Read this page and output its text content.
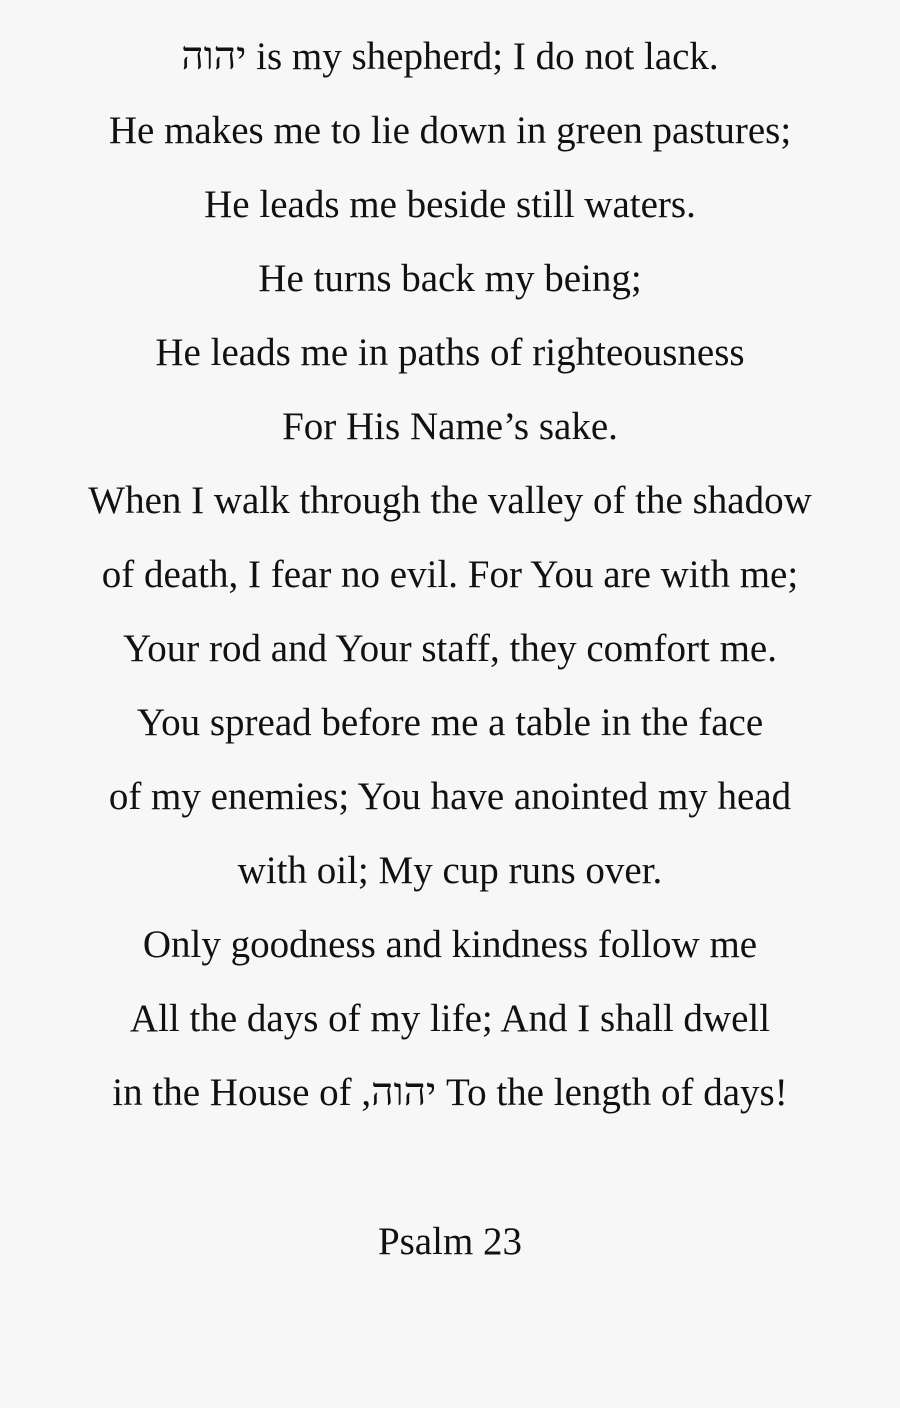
יהוה is my shepherd; I do not lack.
He makes me to lie down in green pastures;
He leads me beside still waters.
He turns back my being;
He leads me in paths of righteousness
For His Name’s sake.
When I walk through the valley of the shadow
of death, I fear no evil. For You are with me;
Your rod and Your staff, they comfort me.
You spread before me a table in the face
of my enemies; You have anointed my head
with oil; My cup runs over.
Only goodness and kindness follow me
All the days of my life; And I shall dwell
in the House of ,יהוה To the length of days!
Psalm 23
